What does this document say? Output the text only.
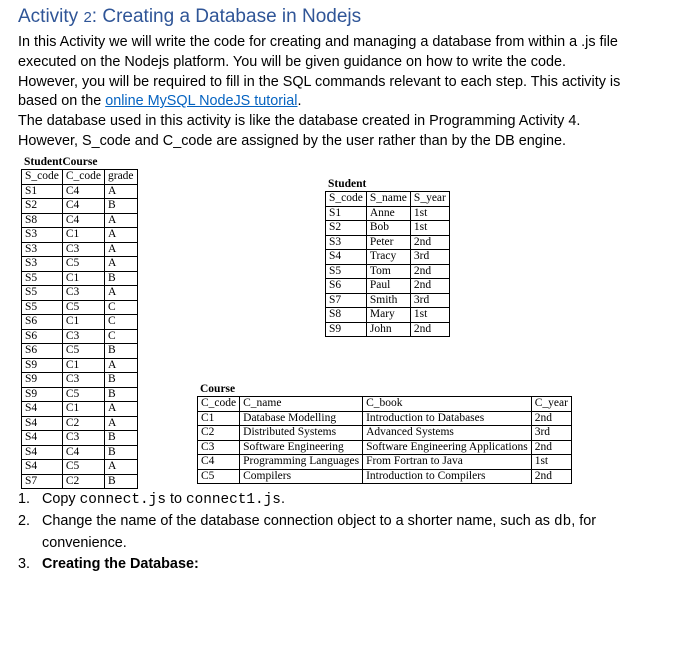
Activity 2: Creating a Database in Nodejs

In this Activity we will write the code for creating and managing a database from within a .js file

executed on the Nodejs platform. You will be given guidance on how to write the code.

However, you will be required to fill in the SQL commands relevant to each step. This activity is

based on the online MySQL NodeJS tutorial.

The database used in this activity is like the database created in Programming Activity 4.

However, S_code and C_code are assigned by the user rather than by the DB engine.

StudentCourse
S_code	C_code	grade
S1	C4	A
S2	C4	B
S8	C4	A
S3	C1	A
S3	C3	A
S3	C5	A
S5	C1	B
S5	C3	A
S5	C5	C
S6	C1	C
S6	C3	C
S6	C5	B
S9	C1	A
S9	C3	B
S9	C5	B
S4	C1	A
S4	C2	A
S4	C3	B
S4	C4	B
S4	C5	A
S7	C2	B
Student
S_code	S_name	S_year
S1	Anne	1st
S2	Bob	1st
S3	Peter	2nd
S4	Tracy	3rd
S5	Tom	2nd
S6	Paul	2nd
S7	Smith	3rd
S8	Mary	1st
S9	John	2nd
Course
C_code	C_name	C_book	C_year
C1	Database Modelling	Introduction to Databases	2nd
C2	Distributed Systems	Advanced Systems	3rd
C3	Software Engineering	Software Engineering Applications	2nd
C4	Programming Languages	From Fortran to Java	1st
C5	Compilers	Introduction to Compilers	2nd
1. Copy connect.js to connect1.js.
2. Change the name of the database connection object to a shorter name, such as db, for convenience.
3. Creating the Database:
